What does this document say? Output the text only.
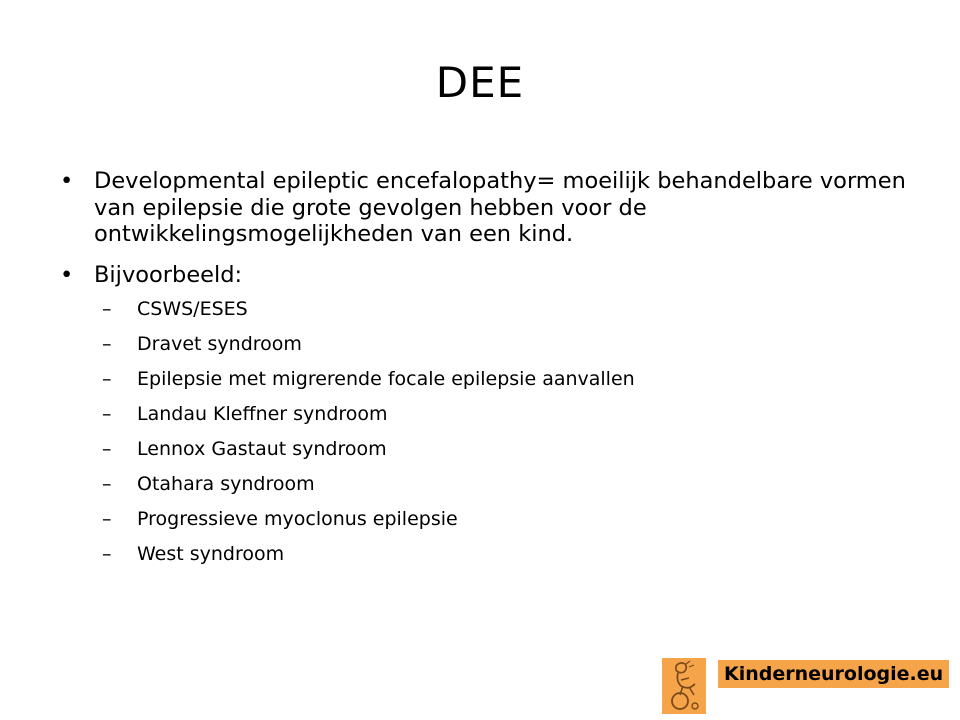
DEE
• Developmental epileptic encefalopathy= moeilijk behandelbare vormen van epilepsie die grote gevolgen hebben voor de ontwikkelingsmogelijkheden van een kind.
• Bijvoorbeeld:
– CSWS/ESES
– Dravet syndroom
– Epilepsie met migrerende focale epilepsie aanvallen
– Landau Kleffner syndroom
– Lennox Gastaut syndroom
– Otahara syndroom
– Progressieve myoclonus epilepsie
– West syndroom
Kinderneurologie.eu
